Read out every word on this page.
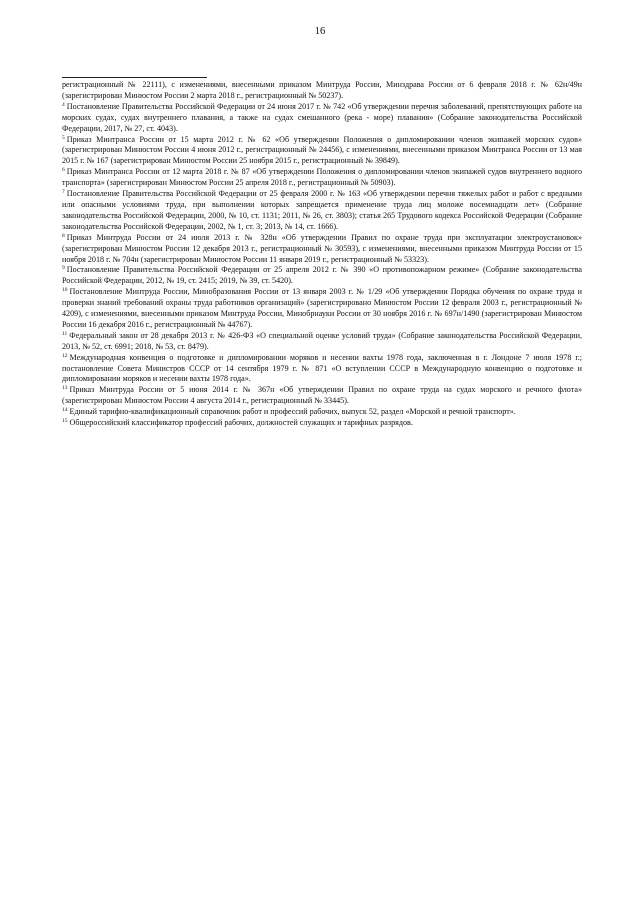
16

регистрационный № 22111), с изменениями, внесенными приказом Минтруда России, Минздрава России от 6 февраля 2018 г. № 62н/49н (зарегистрирован Минюстом России 2 марта 2018 г., регистрационный № 50237).

$^4$ Постановление Правительства Российской Федерации от 24 июня 2017 г. № 742 «Об утверждении перечня заболеваний, препятствующих работе на морских судах, судах внутреннего плавания, а также на судах смешанного (река - море) плавания» (Собрание законодательства Российской Федерации, 2017, № 27, ст. 4043).

$^5$ Приказ Минтранса России от 15 марта 2012 г. № 62 «Об утверждении Положения о дипломировании членов экипажей морских судов» (зарегистрирован Минюстом России 4 июня 2012 г., регистрационный № 24456), с изменениями, внесенными приказом Минтранса России от 13 мая 2015 г. № 167 (зарегистрирован Минюстом России 25 ноября 2015 г., регистрационный № 39849).

$^6$ Приказ Минтранса России от 12 марта 2018 г. № 87 «Об утверждении Положения о дипломировании членов экипажей судов внутреннего водного транспорта» (зарегистрирован Минюстом России 25 апреля 2018 г., регистрационный № 50903).

$^7$ Постановление Правительства Российской Федерации от 25 февраля 2000 г. № 163 «Об утверждении перечня тяжелых работ и работ с вредными или опасными условиями труда, при выполнении которых запрещается применение труда лиц моложе восемнадцати лет» (Собрание законодательства Российской Федерации, 2000, № 10, ст. 1131; 2011, № 26, ст. 3803); статья 265 Трудового кодекса Российской Федерации (Собрание законодательства Российской Федерации, 2002, № 1, ст. 3; 2013, № 14, ст. 1666).

$^8$ Приказ Минтруда России от 24 июля 2013 г. № 328н «Об утверждении Правил по охране труда при эксплуатации электроустановок» (зарегистрирован Минюстом России 12 декабря 2013 г., регистрационный № 30593), с изменениями, внесенными приказом Минтруда России от 15 ноября 2018 г. № 704н (зарегистрирован Минюстом России 11 января 2019 г., регистрационный № 53323).

$^9$ Постановление Правительства Российской Федерации от 25 апреля 2012 г. № 390 «О противопожарном режиме» (Собрание законодательства Российской Федерации, 2012, № 19, ст. 2415; 2019, № 39, ст. 5420).

$^{10}$ Постановление Минтруда России, Минобразования России от 13 января 2003 г. № 1/29 «Об утверждении Порядка обучения по охране труда и проверки знаний требований охраны труда работников организаций» (зарегистрировано Минюстом России 12 февраля 2003 г., регистрационный № 4209), с изменениями, внесенными приказом Минтруда России, Минобрнауки России от 30 ноября 2016 г. № 697н/1490 (зарегистрирован Минюстом России 16 декабря 2016 г., регистрационный № 44767).

$^{11}$ Федеральный закон от 28 декабря 2013 г. № 426-ФЗ «О специальной оценке условий труда» (Собрание законодательства Российской Федерации, 2013, № 52, ст. 6991; 2018, № 53, ст. 8479).

$^{12}$ Международная конвенция о подготовке и дипломировании моряков и несении вахты 1978 года, заключенная в г. Лондоне 7 июля 1978 г.; постановление Совета Министров СССР от 14 сентября 1979 г. № 871 «О вступлении СССР в Международную конвенцию о подготовке и дипломировании моряков и несении вахты 1978 года».

$^{13}$ Приказ Минтруда России от 5 июня 2014 г. № 367н «Об утверждении Правил по охране труда на судах морского и речного флота» (зарегистрирован Минюстом России 4 августа 2014 г., регистрационный № 33445).

$^{14}$ Единый тарифно-квалификационный справочник работ и профессий рабочих, выпуск 52, раздел «Морской и речной транспорт».

$^{15}$ Общероссийский классификатор профессий рабочих, должностей служащих и тарифных разрядов.
